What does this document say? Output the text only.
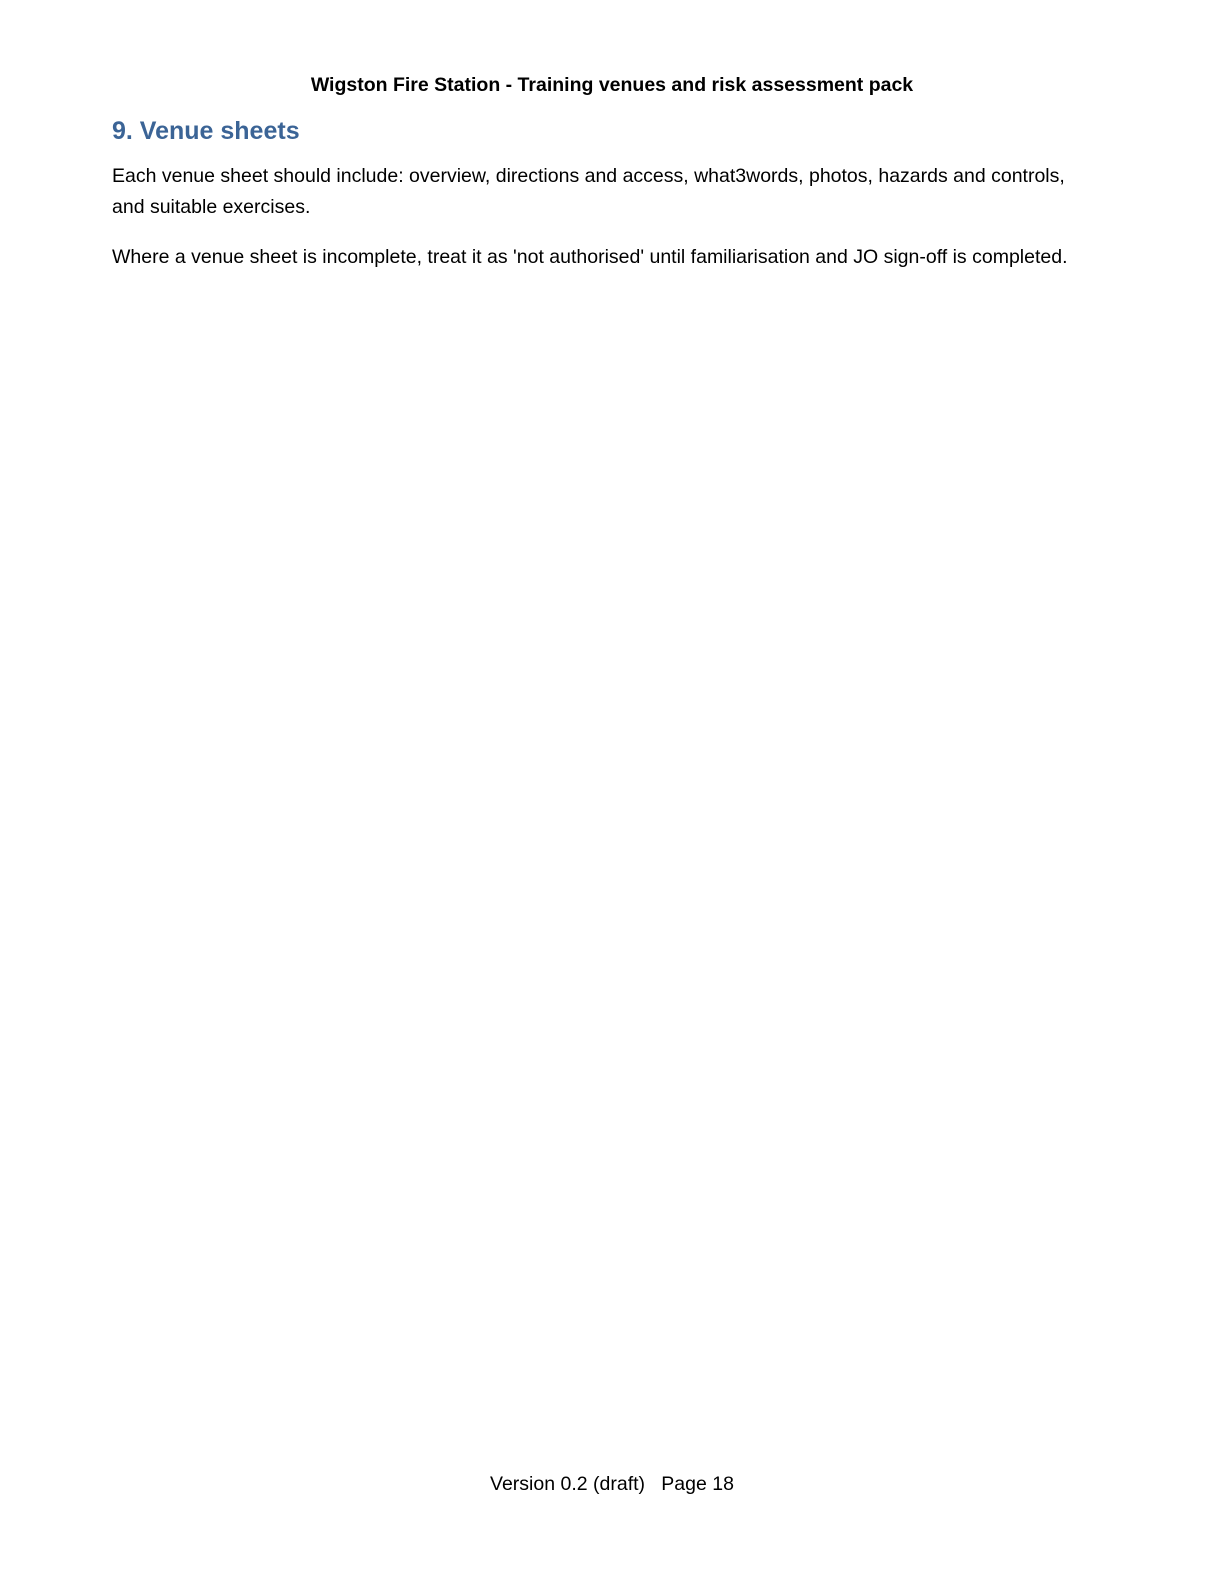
Wigston Fire Station - Training venues and risk assessment pack
9. Venue sheets

Each venue sheet should include: overview, directions and access, what3words, photos, hazards and controls, and suitable exercises.

Where a venue sheet is incomplete, treat it as 'not authorised' until familiarisation and JO sign-off is completed.

Version 0.2 (draft) Page 18
